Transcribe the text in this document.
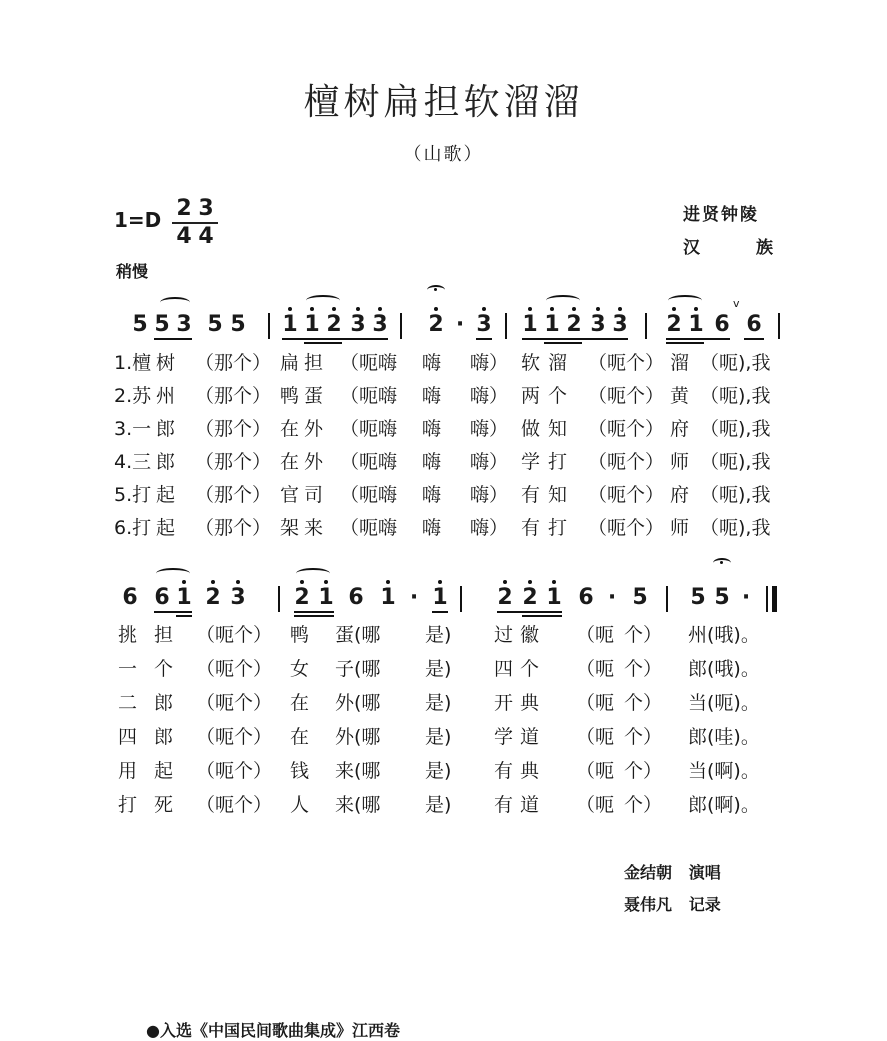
檀树扁担软溜溜
（山歌）
$1=D \frac{2}{4}$
$\frac{3}{4}$
稍慢
进贤钟陵
汉	族
5 5 3 5 5 1 1 2 3 3 2 · 3 1 1 2 3 3 2 1 6 6
v
1.檀 树 （那个） 扁 担 （呃嗨 嗨 嗨） 软 溜 （呃个） 溜 （呃),我
2.苏 州 （那个） 鸭 蛋 （呃嗨 嗨 嗨） 两 个 （呃个） 黄 （呃),我
3.一 郎 （那个） 在 外 （呃嗨 嗨 嗨） 做 知 （呃个） 府 （呃),我
4.三 郎 （那个） 在 外 （呃嗨 嗨 嗨） 学 打 （呃个） 师 （呃),我
5.打 起 （那个） 官 司 （呃嗨 嗨 嗨） 有 知 （呃个） 府 （呃),我
6.打 起 （那个） 架 来 （呃嗨 嗨 嗨） 有 打 （呃个） 师 （呃),我
6 6 1 2 3 2 1 6 1 · 1 2 2 1 6 · 5 5 5 ·
挑 担 （呃个） 鸭 蛋(哪 是) 过 徽 （呃 个） 州(哦)。
一 个 （呃个） 女 子(哪 是) 四 个 （呃 个） 郎(哦)。
二 郎 （呃个） 在 外(哪 是) 开 典 （呃 个） 当(呃)。
四 郎 （呃个） 在 外(哪 是) 学 道 （呃 个） 郎(哇)。
用 起 （呃个） 钱 来(哪 是) 有 典 （呃 个） 当(啊)。
打 死 （呃个） 人 来(哪 是) 有 道 （呃 个） 郎(啊)。
金结朝 演唱
聂伟凡 记录
●入选《中国民间歌曲集成》江西卷
